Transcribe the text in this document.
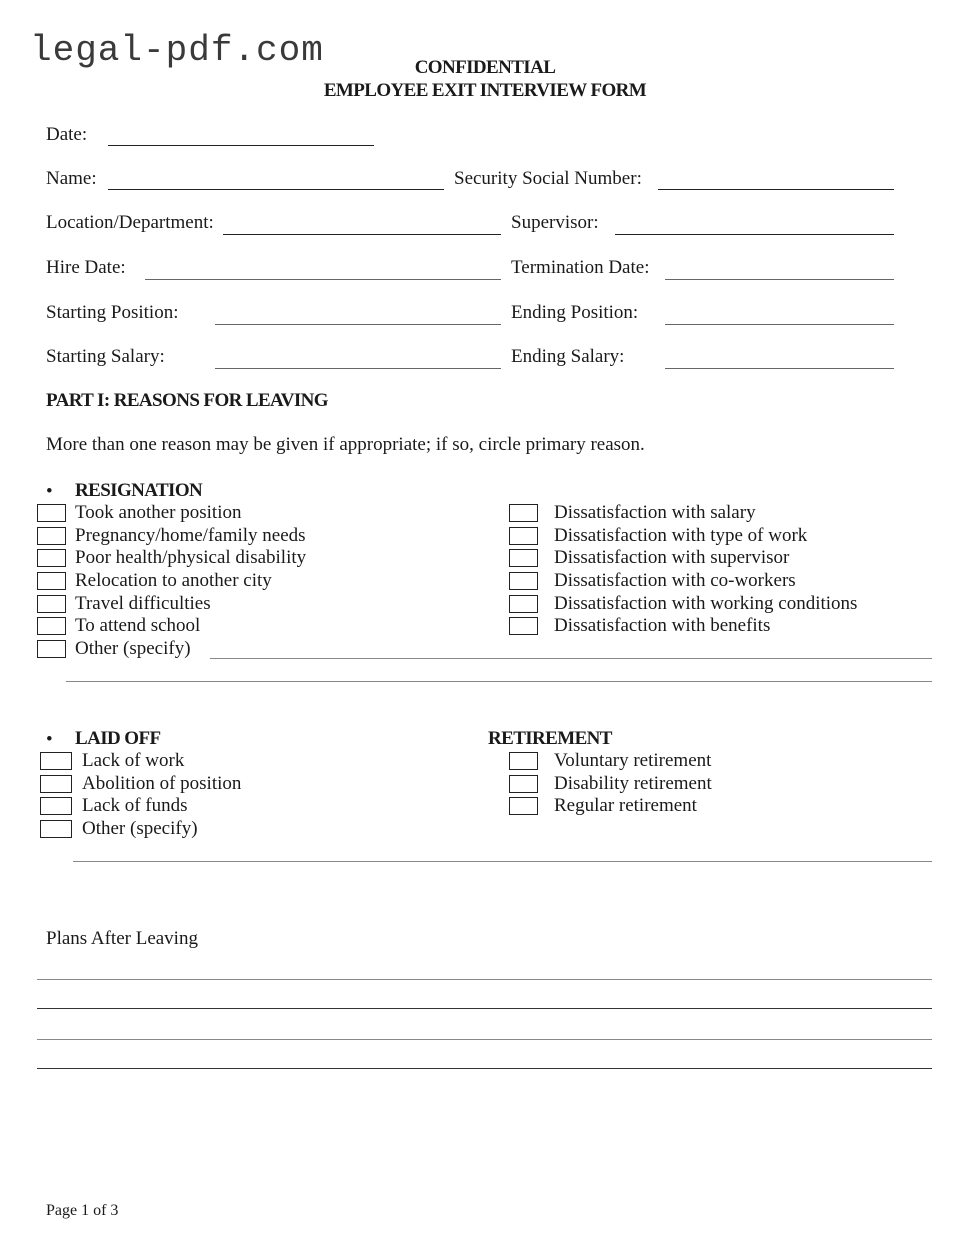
legal-pdf.com	CONFIDENTIAL
EMPLOYEE EXIT INTERVIEW FORM
Date:
Name:	Security Social Number:
Location/Department:	Supervisor:
Hire Date:	Termination Date:
Starting Position:	Ending Position:
Starting Salary:	Ending Salary:
PART I: REASONS FOR LEAVING
More than one reason may be given if appropriate; if so, circle primary reason.
• RESIGNATION
Took another position
Pregnancy/home/family needs
Poor health/physical disability
Relocation to another city
Travel difficulties
To attend school
Other (specify)
Dissatisfaction with salary
Dissatisfaction with type of work
Dissatisfaction with supervisor
Dissatisfaction with co-workers
Dissatisfaction with working conditions
Dissatisfaction with benefits
• LAID OFF
Lack of work
Abolition of position
Lack of funds
Other (specify)
RETIREMENT
Voluntary retirement
Disability retirement
Regular retirement
Plans After Leaving
Page 1 of 3
